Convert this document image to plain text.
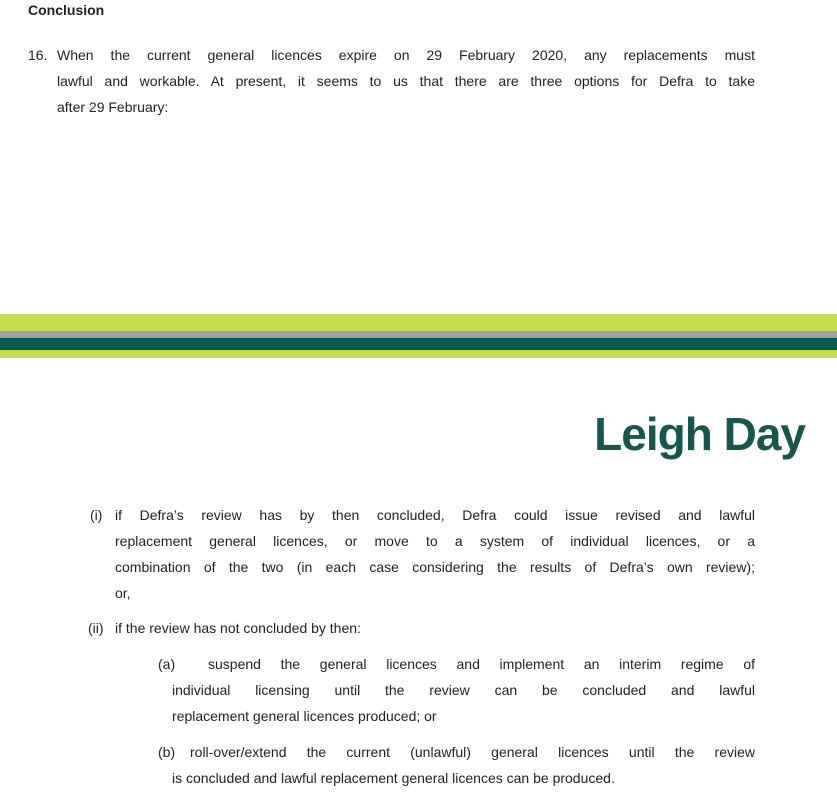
Conclusion
16. When the current general licences expire on 29 February 2020, any replacements must
lawful and workable. At present, it seems to us that there are three options for Defra to take
after 29 February:
Leigh Day
(i) if Defra’s review has by then concluded, Defra could issue revised and lawful
replacement general licences, or move to a system of individual licences, or a
combination of the two (in each case considering the results of Defra’s own review);
or,
(ii) if the review has not concluded by then:
(a)	suspend the general licences and implement an interim regime of
individual licensing until the review can be concluded and lawful
replacement general licences produced; or
(b)	roll-over/extend the current (unlawful) general licences until the review
is concluded and lawful replacement general licences can be produced.
